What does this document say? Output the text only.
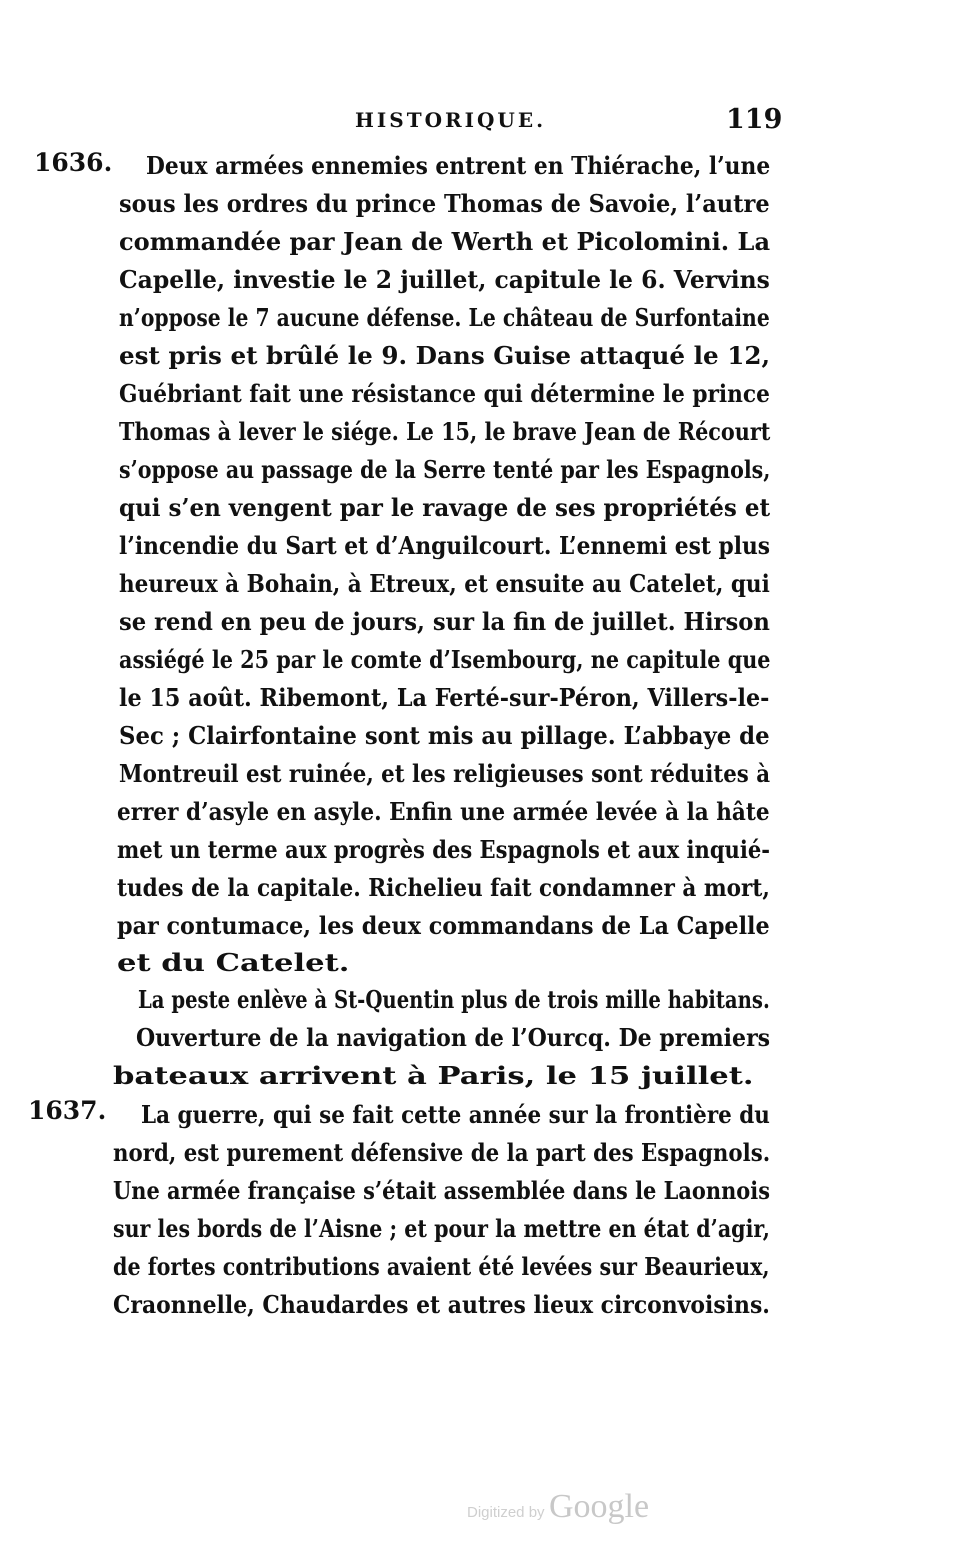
HISTORIQUE.	119
1636. Deux armées ennemies entrent en Thiérache, l’une
sous les ordres du prince Thomas de Savoie, l’autre
commandée par Jean de Werth et Picolomini. La
Capelle, investie le 2 juillet, capitule le 6. Vervins
n’oppose le 7 aucune défense. Le château de Surfontaine
est pris et brûlé le 9. Dans Guise attaqué le 12,
Guébriant fait une résistance qui détermine le prince
Thomas à lever le siége. Le 15, le brave Jean de Récourt
s’oppose au passage de la Serre tenté par les Espagnols,
qui s’en vengent par le ravage de ses propriétés et
l’incendie du Sart et d’Anguilcourt. L’ennemi est plus
heureux à Bohain, à Etreux, et ensuite au Catelet, qui
se rend en peu de jours, sur la fin de juillet. Hirson
assiégé le 25 par le comte d’Isembourg, ne capitule que
le 15 août. Ribemont, La Ferté-sur-Péron, Villers-le-
Sec ; Clairfontaine sont mis au pillage. L’abbaye de
Montreuil est ruinée, et les religieuses sont réduites à
errer d’asyle en asyle. Enfin une armée levée à la hâte
met un terme aux progrès des Espagnols et aux inquié-
tudes de la capitale. Richelieu fait condamner à mort,
par contumace, les deux commandans de La Capelle
et du Catelet.
La peste enlève à St-Quentin plus de trois mille habitans.
Ouverture de la navigation de l’Ourcq. De premiers
bateaux arrivent à Paris, le 15 juillet.
1637. La guerre, qui se fait cette année sur la frontière du
nord, est purement défensive de la part des Espagnols.
Une armée française s’était assemblée dans le Laonnois
sur les bords de l’Aisne ; et pour la mettre en état d’agir,
de fortes contributions avaient été levées sur Beaurieux,
Craonnelle, Chaudardes et autres lieux circonvoisins.
Digitized by Google
